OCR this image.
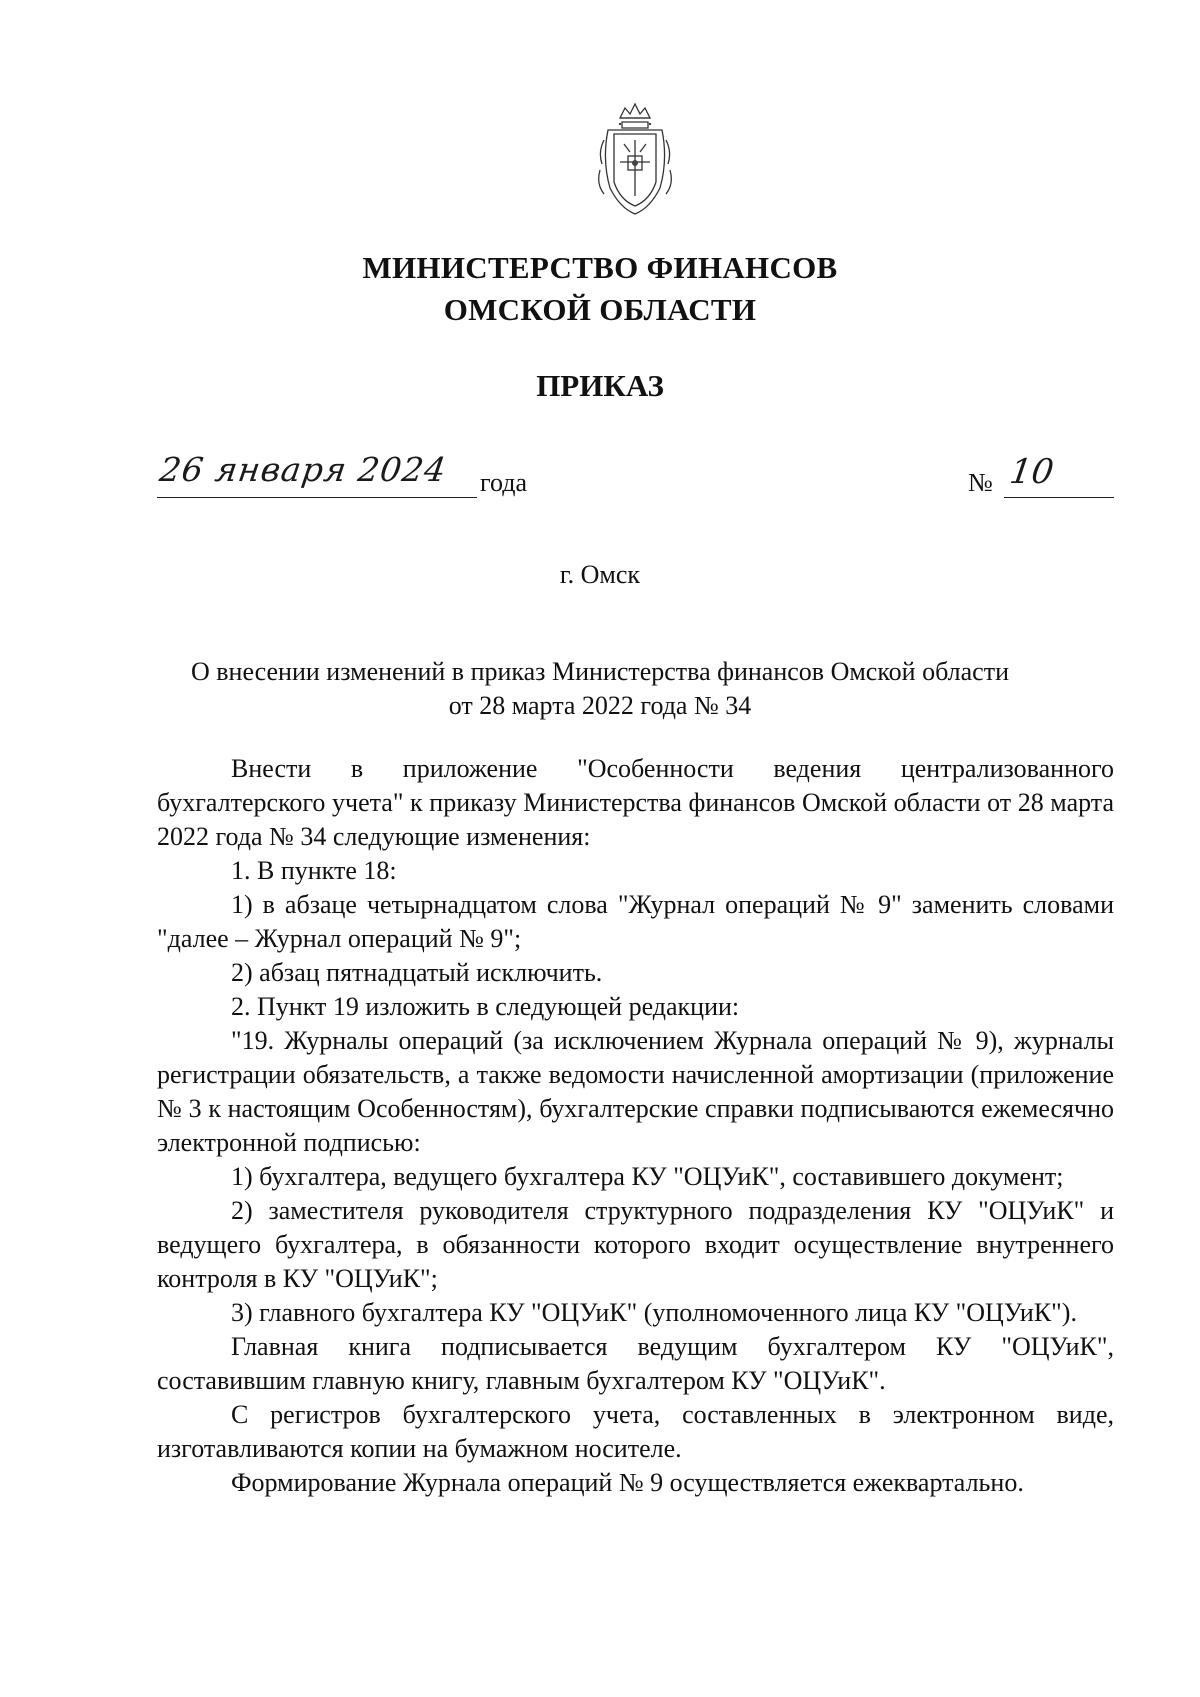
МИНИСТЕРСТВО ФИНАНСОВ
ОМСКОЙ ОБЛАСТИ
ПРИКАЗ
26 января 2024 года	№ 10
г. Омск
О внесении изменений в приказ Министерства финансов Омской области
от 28 марта 2022 года № 34

Внести в приложение "Особенности ведения централизованного бухгалтерского учета" к приказу Министерства финансов Омской области от 28 марта 2022 года № 34 следующие изменения:

1. В пункте 18:

1) в абзаце четырнадцатом слова "Журнал операций № 9" заменить словами "далее – Журнал операций № 9";

2) абзац пятнадцатый исключить.

2. Пункт 19 изложить в следующей редакции:

"19. Журналы операций (за исключением Журнала операций № 9), журналы регистрации обязательств, а также ведомости начисленной амортизации (приложение № 3 к настоящим Особенностям), бухгалтерские справки подписываются ежемесячно электронной подписью:

1) бухгалтера, ведущего бухгалтера КУ "ОЦУиК", составившего документ;

2) заместителя руководителя структурного подразделения КУ "ОЦУиК" и ведущего бухгалтера, в обязанности которого входит осуществление внутреннего контроля в КУ "ОЦУиК";

3) главного бухгалтера КУ "ОЦУиК" (уполномоченного лица КУ "ОЦУиК").

Главная книга подписывается ведущим бухгалтером КУ "ОЦУиК", составившим главную книгу, главным бухгалтером КУ "ОЦУиК".

С регистров бухгалтерского учета, составленных в электронном виде, изготавливаются копии на бумажном носителе.

Формирование Журнала операций № 9 осуществляется ежеквартально.
